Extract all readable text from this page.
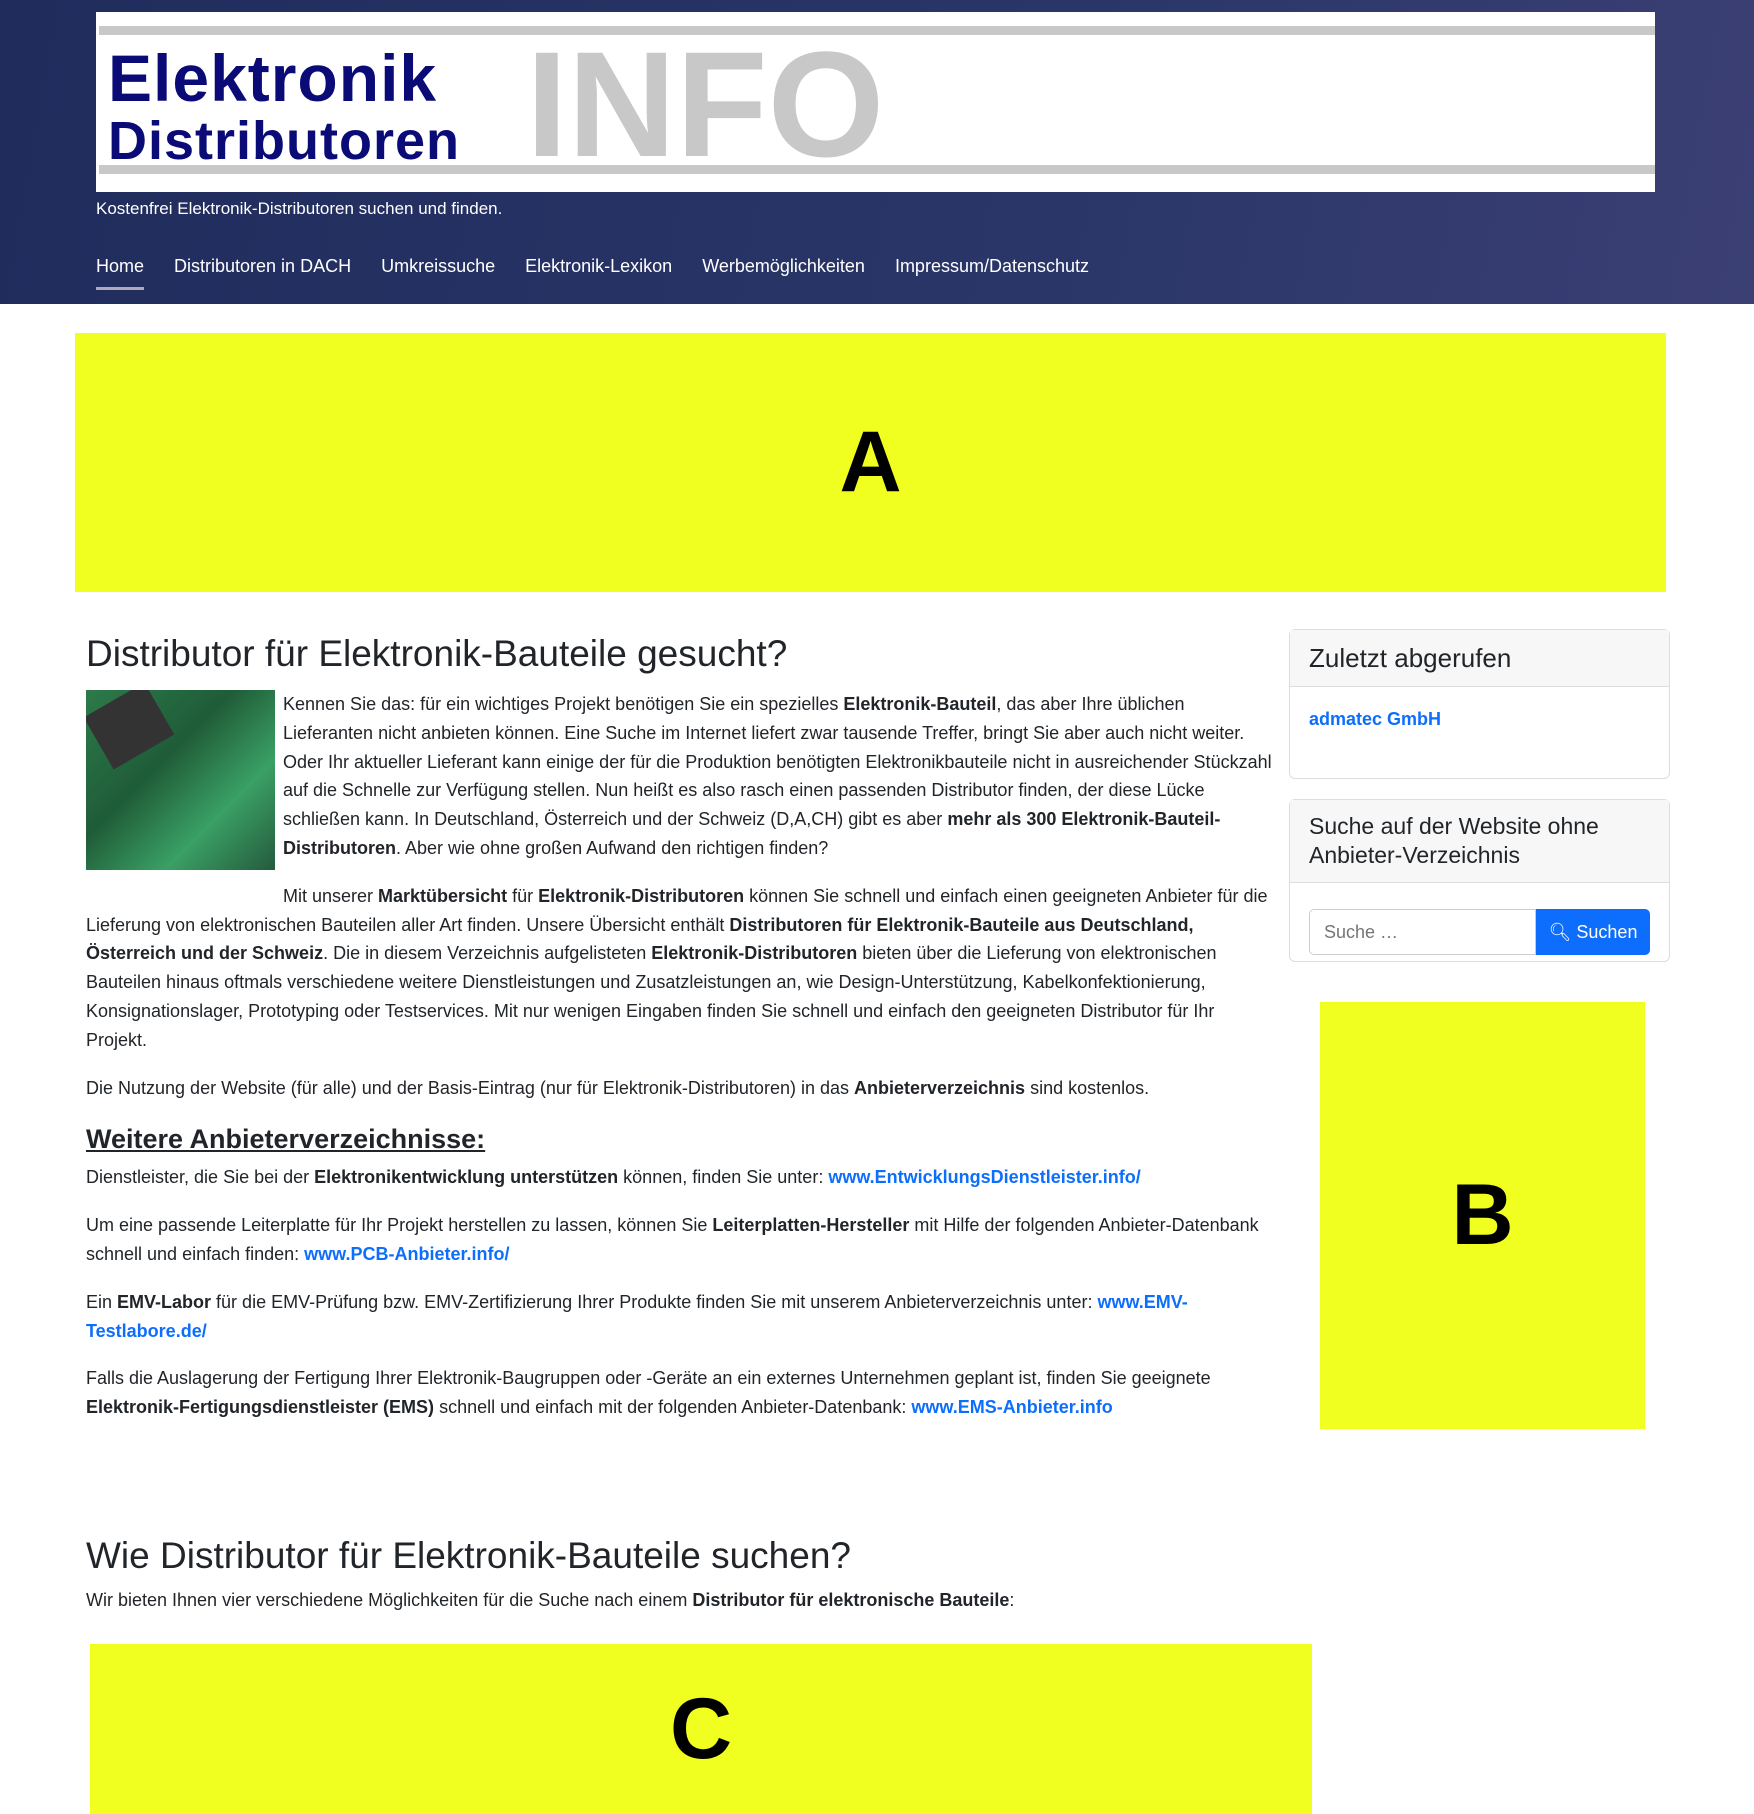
INFO
Elektronik
Distributoren
Kostenfrei Elektronik-Distributoren suchen und finden.
Home Distributoren in DACH Umkreissuche Elektronik-Lexikon Werbemöglichkeiten Impressum/Datenschutz
A
Distributor für Elektronik-Bauteile gesucht?

Kennen Sie das: für ein wichtiges Projekt benötigen Sie ein spezielles Elektronik-Bauteil, das aber Ihre üblichen Lieferanten nicht anbieten können. Eine Suche im Internet liefert zwar tausende Treffer, bringt Sie aber auch nicht weiter. Oder Ihr aktueller Lieferant kann einige der für die Produktion benötigten Elektronikbauteile nicht in ausreichender Stückzahl auf die Schnelle zur Verfügung stellen. Nun heißt es also rasch einen passenden Distributor finden, der diese Lücke schließen kann. In Deutschland, Österreich und der Schweiz (D,A,CH) gibt es aber mehr als 300 Elektronik-Bauteil-Distributoren. Aber wie ohne großen Aufwand den richtigen finden?

Mit unserer Marktübersicht für Elektronik-Distributoren können Sie schnell und einfach einen geeigneten Anbieter für die Lieferung von elektronischen Bauteilen aller Art finden. Unsere Übersicht enthält Distributoren für Elektronik-Bauteile aus Deutschland, Österreich und der Schweiz. Die in diesem Verzeichnis aufgelisteten Elektronik-Distributoren bieten über die Lieferung von elektronischen Bauteilen hinaus oftmals verschiedene weitere Dienstleistungen und Zusatzleistungen an, wie Design-Unterstützung, Kabelkonfektionierung, Konsignationslager, Prototyping oder Testservices. Mit nur wenigen Eingaben finden Sie schnell und einfach den geeigneten Distributor für Ihr Projekt.

Die Nutzung der Website (für alle) und der Basis-Eintrag (nur für Elektronik-Distributoren) in das Anbieterverzeichnis sind kostenlos.

Weitere Anbieterverzeichnisse:

Dienstleister, die Sie bei der Elektronikentwicklung unterstützen können, finden Sie unter: www.EntwicklungsDienstleister.info/

Um eine passende Leiterplatte für Ihr Projekt herstellen zu lassen, können Sie Leiterplatten-Hersteller mit Hilfe der folgenden Anbieter-Datenbank schnell und einfach finden: www.PCB-Anbieter.info/

Ein EMV-Labor für die EMV-Prüfung bzw. EMV-Zertifizierung Ihrer Produkte finden Sie mit unserem Anbieterverzeichnis unter: www.EMV-Testlabore.de/

Falls die Auslagerung der Fertigung Ihrer Elektronik-Baugruppen oder -Geräte an ein externes Unternehmen geplant ist, finden Sie geeignete Elektronik-Fertigungsdienstleister (EMS) schnell und einfach mit der folgenden Anbieter-Datenbank: www.EMS-Anbieter.info

Wie Distributor für Elektronik-Bauteile suchen?

Wir bieten Ihnen vier verschiedene Möglichkeiten für die Suche nach einem Distributor für elektronische Bauteile:

Zuletzt abgerufen
admatec GmbH
Suche auf der Website ohne Anbieter-Verzeichnis
Suche …
🔍︎ Suchen
B
C
